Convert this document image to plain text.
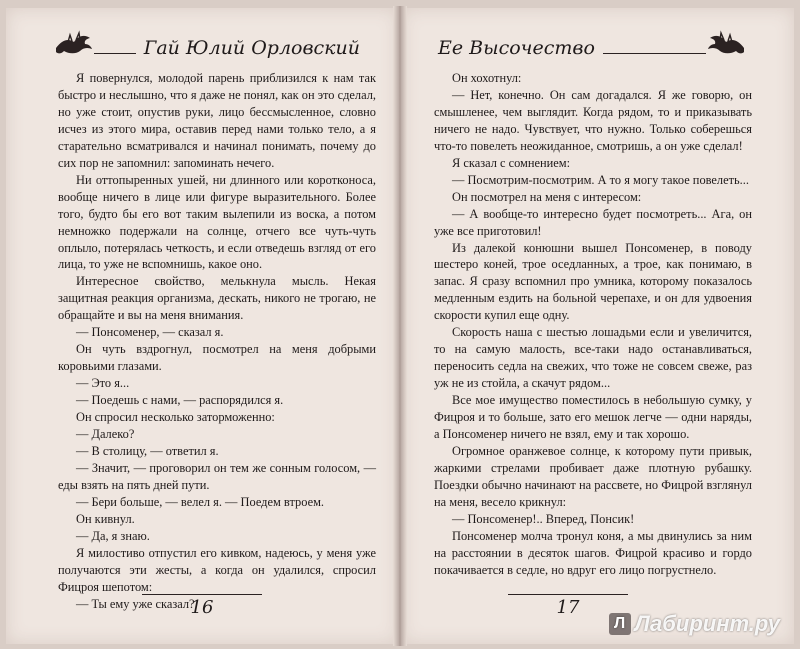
Гай Юлий Орловский

Я повернулся, молодой парень приблизился к нам так быстро и неслышно, что я даже не понял, как он это сделал, но уже стоит, опустив руки, лицо бессмысленное, словно исчез из этого мира, оставив перед нами только тело, а я старательно всматривался и начинал понимать, почему до сих пор не запомнил: запоминать нечего.

Ни оттопыренных ушей, ни длинного или коротконоса, вообще ничего в лице или фигуре выразительного. Более того, будто бы его вот таким вылепили из воска, а потом немножко подержали на солнце, отчего все чуть-чуть оплыло, потерялась четкость, и если отведешь взгляд от его лица, то уже не вспомнишь, какое оно.

Интересное свойство, мелькнула мысль. Некая защитная реакция организма, дескать, никого не трогаю, не обращайте и вы на меня внимания.

— Понсоменер, — сказал я.

Он чуть вздрогнул, посмотрел на меня добрыми коровьими глазами.

— Это я...

— Поедешь с нами, — распорядился я.

Он спросил несколько заторможенно:

— Далеко?

— В столицу, — ответил я.

— Значит, — проговорил он тем же сонным голосом, — еды взять на пять дней пути.

— Бери больше, — велел я. — Поедем втроем.

Он кивнул.

— Да, я знаю.

Я милостиво отпустил его кивком, надеюсь, у меня уже получаются эти жесты, а когда он удалился, спросил Фицроя шепотом:

— Ты ему уже сказал?

16
Ее Высочество

Он хохотнул:

— Нет, конечно. Он сам догадался. Я же говорю, он смышленее, чем выглядит. Когда рядом, то и приказывать ничего не надо. Чувствует, что нужно. Только соберешься что-то повелеть неожиданное, смотришь, а он уже сделал!

Я сказал с сомнением:

— Посмотрим-посмотрим. А то я могу такое повелеть...

Он посмотрел на меня с интересом:

— А вообще-то интересно будет посмотреть... Ага, он уже все приготовил!

Из далекой конюшни вышел Понсоменер, в поводу шестеро коней, трое оседланных, а трое, как понимаю, в запас. Я сразу вспомнил про умника, которому показалось медленным ездить на больной черепахе, и он для удвоения скорости купил еще одну.

Скорость наша с шестью лошадьми если и увеличится, то на самую малость, все-таки надо останавливаться, переносить седла на свежих, что тоже не совсем свеже, раз уж не из стойла, а скачут рядом...

Все мое имущество поместилось в небольшую сумку, у Фицроя и то больше, зато его мешок легче — одни наряды, а Понсоменер ничего не взял, ему и так хорошо.

Огромное оранжевое солнце, к которому пути привык, жаркими стрелами пробивает даже плотную рубашку. Поездки обычно начинают на рассвете, но Фицрой взглянул на меня, весело крикнул:

— Понсоменер!.. Вперед, Понсик!

Понсоменер молча тронул коня, а мы двинулись за ним на расстоянии в десяток шагов. Фицрой красиво и гордо покачивается в седле, но вдруг его лицо погрустнело.

17
Л Лабиринт.ру
